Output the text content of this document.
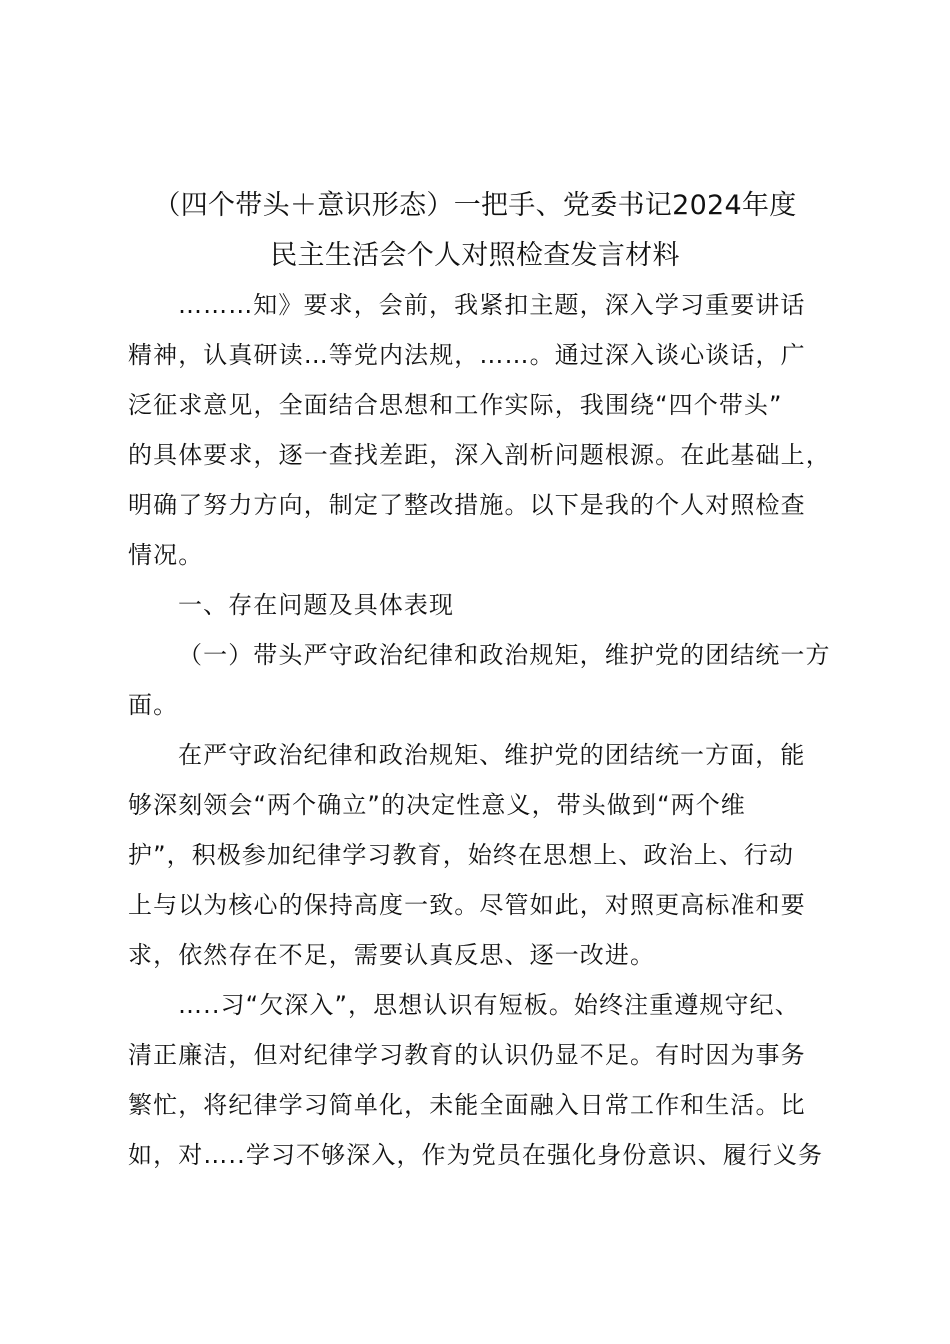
（四个带头＋意识形态）一把手、党委书记2024年度
民主生活会个人对照检查发言材料
………知》要求，会前，我紧扣主题，深入学习重要讲话
精神，认真研读…等党内法规，……。通过深入谈心谈话，广
泛征求意见，全面结合思想和工作实际，我围绕“四个带头”
的具体要求，逐一查找差距，深入剖析问题根源。在此基础上，
明确了努力方向，制定了整改措施。以下是我的个人对照检查
情况。
一、存在问题及具体表现
（一）带头严守政治纪律和政治规矩，维护党的团结统一方
面。
在严守政治纪律和政治规矩、维护党的团结统一方面，能
够深刻领会“两个确立”的决定性意义，带头做到“两个维
护”，积极参加纪律学习教育，始终在思想上、政治上、行动
上与以为核心的保持高度一致。尽管如此，对照更高标准和要
求，依然存在不足，需要认真反思、逐一改进。
…..习“欠深入”，思想认识有短板。始终注重遵规守纪、
清正廉洁，但对纪律学习教育的认识仍显不足。有时因为事务
繁忙，将纪律学习简单化，未能全面融入日常工作和生活。比
如，对…..学习不够深入，作为党员在强化身份意识、履行义务
